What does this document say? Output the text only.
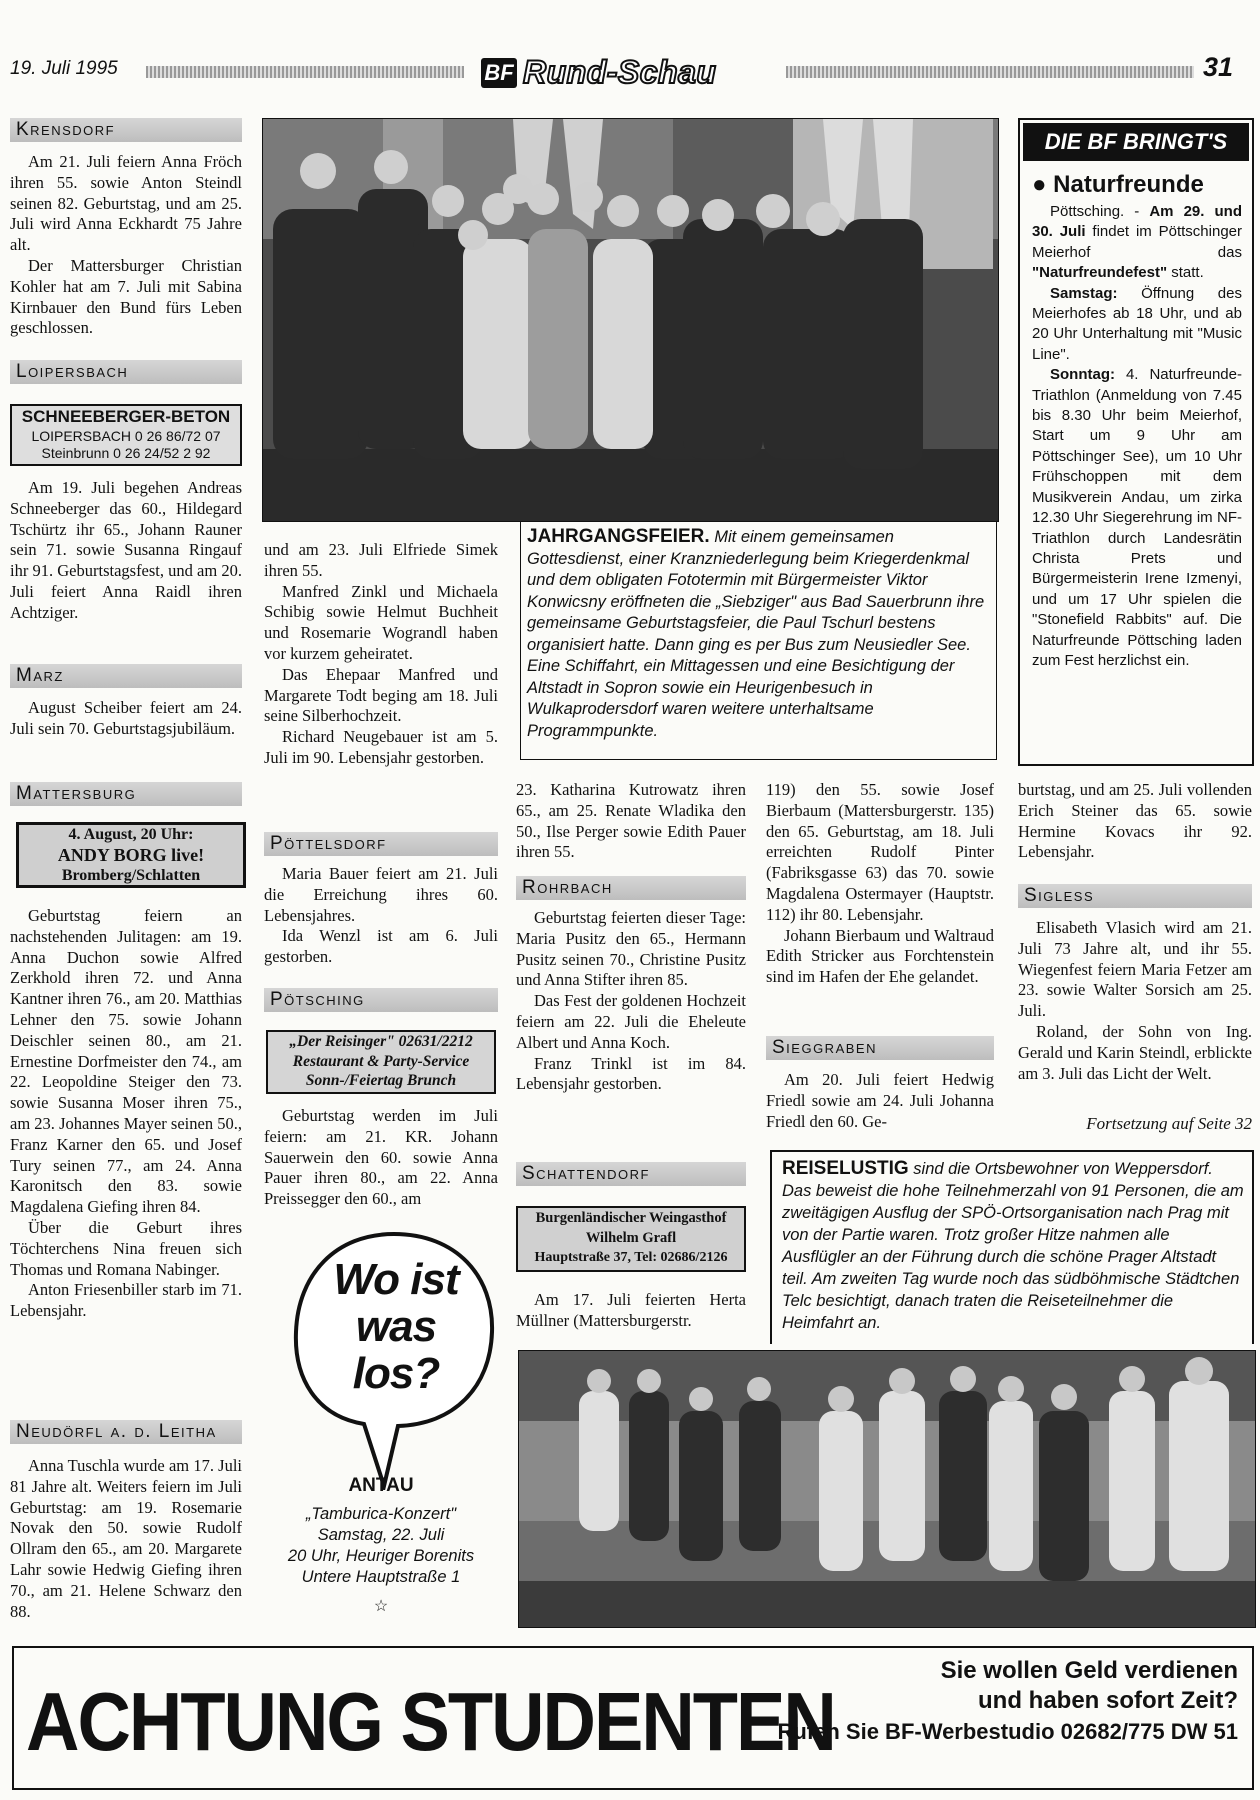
19. Juli 1995	BF Rund-Schau	31
Krensdorf

Am 21. Juli feiern Anna Fröch ihren 55. sowie Anton Steindl seinen 82. Geburtstag, und am 25. Juli wird Anna Eckhardt 75 Jahre alt.

Der Mattersburger Christian Kohler hat am 7. Juli mit Sabina Kirnbauer den Bund fürs Leben geschlossen.

Loipersbach
SCHNEEBERGER-BETON
LOIPERSBACH 0 26 86/72 07
Steinbrunn 0 26 24/52 2 92

Am 19. Juli begehen Andreas Schneeberger das 60., Hildegard Tschürtz ihr 65., Johann Rauner sein 71. sowie Susanna Ringauf ihr 91. Geburtstagsfest, und am 20. Juli feiert Anna Raidl ihren Achtziger.

Marz

August Scheiber feiert am 24. Juli sein 70. Geburtstagsjubiläum.

Mattersburg
4. August, 20 Uhr:
ANDY BORG live!
Bromberg/Schlatten

Geburtstag feiern an nachstehenden Julitagen: am 19. Anna Duchon sowie Alfred Zerkhold ihren 72. und Anna Kantner ihren 76., am 20. Matthias Lehner den 75. sowie Johann Deischler seinen 80., am 21. Ernestine Dorfmeister den 74., am 22. Leopoldine Steiger den 73. sowie Susanna Moser ihren 75., am 23. Johannes Mayer seinen 50., Franz Karner den 65. und Josef Tury seinen 77., am 24. Anna Karonitsch den 83. sowie Magdalena Giefing ihren 84.

Über die Geburt ihres Töchterchens Nina freuen sich Thomas und Romana Nabinger.

Anton Friesenbiller starb im 71. Lebensjahr.

Neudörfl a. d. Leitha

Anna Tuschla wurde am 17. Juli 81 Jahre alt. Weiters feiern im Juli Geburtstag: am 19. Rosemarie Novak den 50. sowie Rudolf Ollram den 65., am 20. Margarete Lahr sowie Hedwig Giefing ihren 70., am 21. Helene Schwarz den 88.

JAHRGANGSFEIER. Mit einem gemeinsamen Gottesdienst, einer Kranzniederlegung beim Kriegerdenkmal und dem obligaten Fototermin mit Bürgermeister Viktor Konwicsny eröffneten die „Siebziger" aus Bad Sauerbrunn ihre gemeinsame Geburtstagsfeier, die Paul Tschurl bestens organisiert hatte. Dann ging es per Bus zum Neusiedler See. Eine Schiffahrt, ein Mittagessen und eine Besichtigung der Altstadt in Sopron sowie ein Heurigenbesuch in Wulkaprodersdorf waren weitere unterhaltsame Programmpunkte.

und am 23. Juli Elfriede Simek ihren 55.

Manfred Zinkl und Michaela Schibig sowie Helmut Buchheit und Rosemarie Wograndl haben vor kurzem geheiratet.

Das Ehepaar Manfred und Margarete Todt beging am 18. Juli seine Silberhochzeit.

Richard Neugebauer ist am 5. Juli im 90. Lebensjahr gestorben.

Pöttelsdorf

Maria Bauer feiert am 21. Juli die Erreichung ihres 60. Lebensjahres.

Ida Wenzl ist am 6. Juli gestorben.

Pötsching
„Der Reisinger" 02631/2212
Restaurant & Party-Service
Sonn-/Feiertag Brunch

Geburtstag werden im Juli feiern: am 21. KR. Johann Sauerwein den 60. sowie Anna Pauer ihren 80., am 22. Anna Preissegger den 60., am

Wo ist was los?
ANTAU
„Tamburica-Konzert"
Samstag, 22. Juli
20 Uhr, Heuriger Borenits
Untere Hauptstraße 1
☆

23. Katharina Kutrowatz ihren 65., am 25. Renate Wladika den 50., Ilse Perger sowie Edith Pauer ihren 55.

Rohrbach

Geburtstag feierten dieser Tage: Maria Pusitz den 65., Hermann Pusitz seinen 70., Christine Pusitz und Anna Stifter ihren 85.

Das Fest der goldenen Hochzeit feiern am 22. Juli die Eheleute Albert und Anna Koch.

Franz Trinkl ist im 84. Lebensjahr gestorben.

Schattendorf
Burgenländischer Weingasthof
Wilhelm Grafl
Hauptstraße 37, Tel: 02686/2126

Am 17. Juli feierten Herta Müllner (Mattersburgerstr.

119) den 55. sowie Josef Bierbaum (Mattersburgerstr. 135) den 65. Geburtstag, am 18. Juli erreichten Rudolf Pinter (Fabriksgasse 63) das 70. sowie Magdalena Ostermayer (Hauptstr. 112) ihr 80. Lebensjahr.

Johann Bierbaum und Waltraud Edith Stricker aus Forchtenstein sind im Hafen der Ehe gelandet.

Sieggraben

Am 20. Juli feiert Hedwig Friedl sowie am 24. Juli Johanna Friedl den 60. Ge-

DIE BF BRINGT'S
● Naturfreunde
Pöttsching. - Am 29. und 30. Juli findet im Pöttschinger Meierhof das "Naturfreundefest" statt.
Samstag: Öffnung des Meierhofes ab 18 Uhr, und ab 20 Uhr Unterhaltung mit "Music Line".
Sonntag: 4. Naturfreunde-Triathlon (Anmeldung von 7.45 bis 8.30 Uhr beim Meierhof, Start um 9 Uhr am Pöttschinger See), um 10 Uhr Frühschoppen mit dem Musikverein Andau, um zirka 12.30 Uhr Siegerehrung im NF-Triathlon durch Landesrätin Christa Prets und Bürgermeisterin Irene Izmenyi, und um 17 Uhr spielen die "Stonefield Rabbits" auf. Die Naturfreunde Pöttsching laden zum Fest herzlichst ein.

burtstag, und am 25. Juli vollenden Erich Steiner das 65. sowie Hermine Kovacs ihr 92. Lebensjahr.

Sigless

Elisabeth Vlasich wird am 21. Juli 73 Jahre alt, und ihr 55. Wiegenfest feiern Maria Fetzer am 23. sowie Walter Sorsich am 25. Juli.

Roland, der Sohn von Ing. Gerald und Karin Steindl, erblickte am 3. Juli das Licht der Welt.

Fortsetzung auf Seite 32
REISELUSTIG sind die Ortsbewohner von Weppersdorf. Das beweist die hohe Teilnehmerzahl von 91 Personen, die am zweitägigen Ausflug der SPÖ-Ortsorganisation nach Prag mit von der Partie waren. Trotz großer Hitze nahmen alle Ausflügler an der Führung durch die schöne Prager Altstadt teil. Am zweiten Tag wurde noch das südböhmische Städtchen Telc besichtigt, danach traten die Reiseteilnehmer die Heimfahrt an.
ACHTUNG STUDENTEN
Sie wollen Geld verdienen
und haben sofort Zeit?
Rufen Sie BF-Werbestudio 02682/775 DW 51
